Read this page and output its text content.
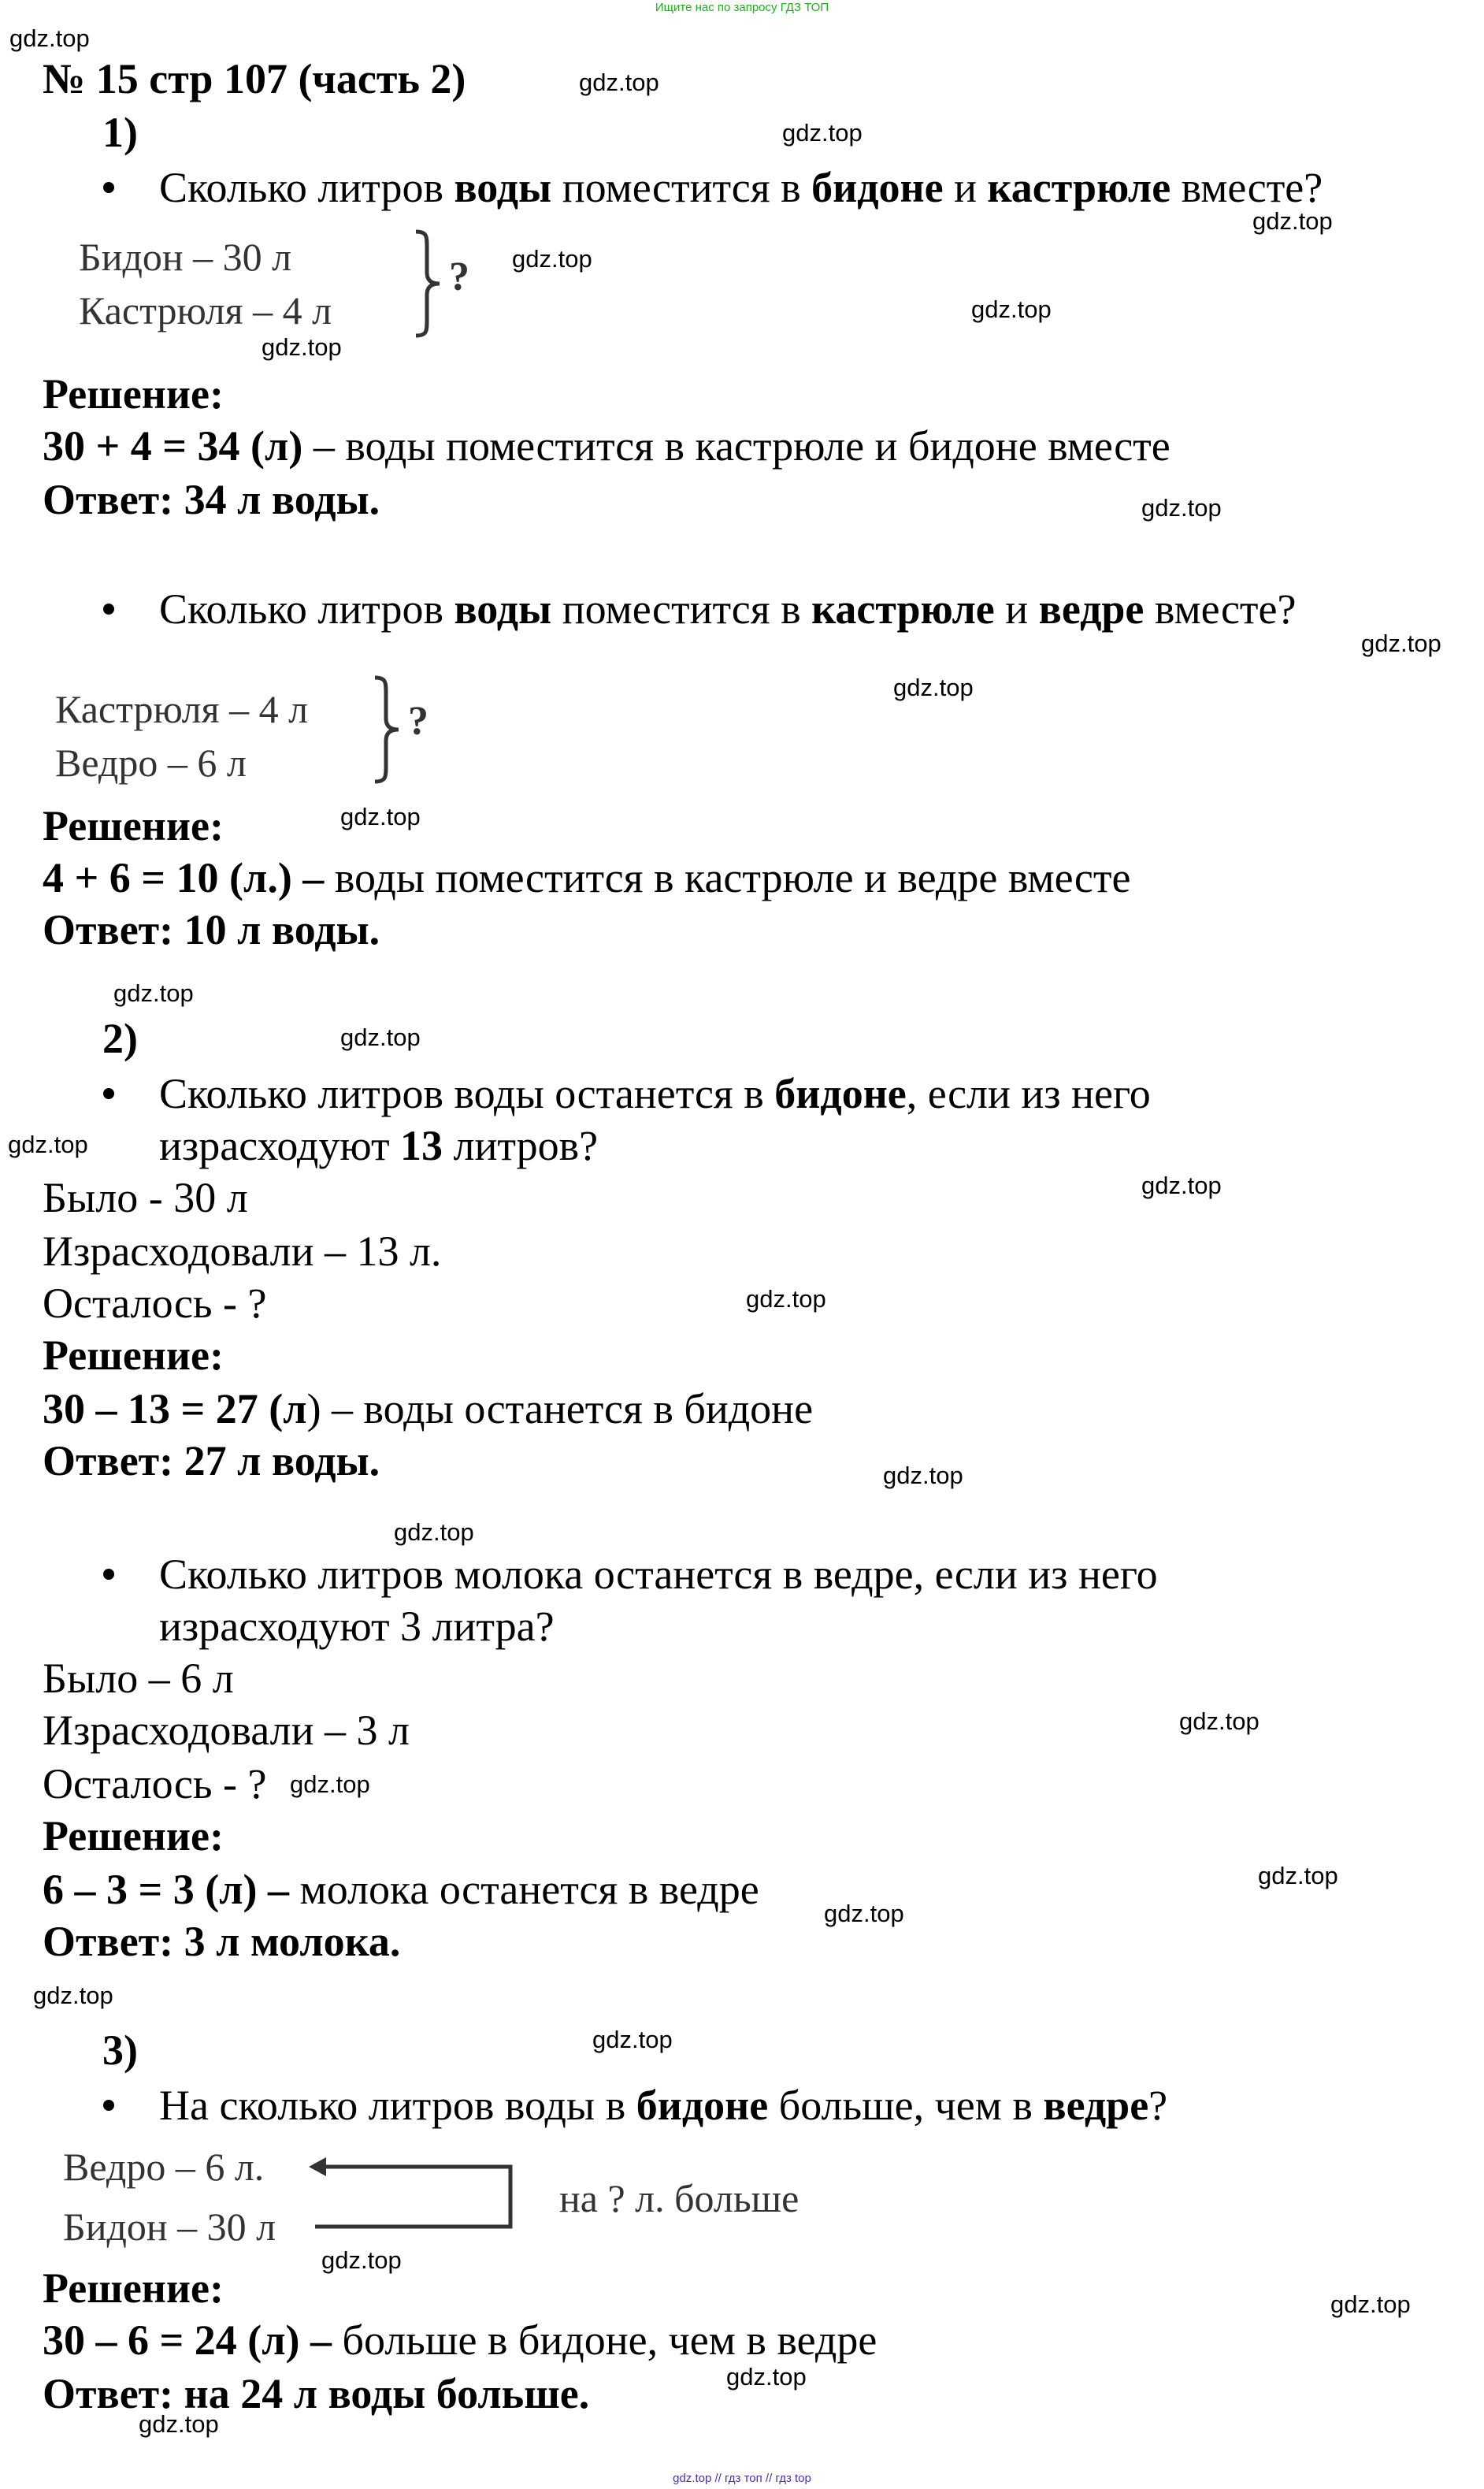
Ищите нас по запросу ГДЗ ТОП
№ 15 стр 107 (часть 2)
1)
Сколько литров воды поместится в бидоне и кастрюле вместе?
Бидон – 30 л
Кастрюля – 4 л
?
Решение:
30 + 4 = 34 (л) – воды поместится в кастрюле и бидоне вместе
Ответ: 34 л воды.
Сколько литров воды поместится в кастрюле и ведре вместе?
Кастрюля – 4 л
Ведро – 6 л
?
Решение:
4 + 6 = 10 (л.) – воды поместится в кастрюле и ведре вместе
Ответ: 10 л воды.
2)
Сколько литров воды останется в бидоне, если из него
израсходуют 13 литров?
Было - 30 л
Израсходовали – 13 л.
Осталось - ?
Решение:
30 – 13 = 27 (л) – воды останется в бидоне
Ответ: 27 л воды.
Сколько литров молока останется в ведре, если из него
израсходуют 3 литра?
Было – 6 л
Израсходовали – 3 л
Осталось - ?
Решение:
6 – 3 = 3 (л) – молока останется в ведре
Ответ: 3 л молока.
3)
На сколько литров воды в бидоне больше, чем в ведре?
Ведро – 6 л.
Бидон – 30 л
на ? л. больше
Решение:
30 – 6 = 24 (л) – больше в бидоне, чем в ведре
Ответ: на 24 л воды больше.
gdz.top
gdz.top
gdz.top
gdz.top
gdz.top
gdz.top
gdz.top
gdz.top
gdz.top
gdz.top
gdz.top
gdz.top
gdz.top
gdz.top
gdz.top
gdz.top
gdz.top
gdz.top
gdz.top
gdz.top
gdz.top
gdz.top
gdz.top
gdz.top
gdz.top
gdz.top
gdz.top
gdz.top
gdz.top // гдз топ // гдз top
